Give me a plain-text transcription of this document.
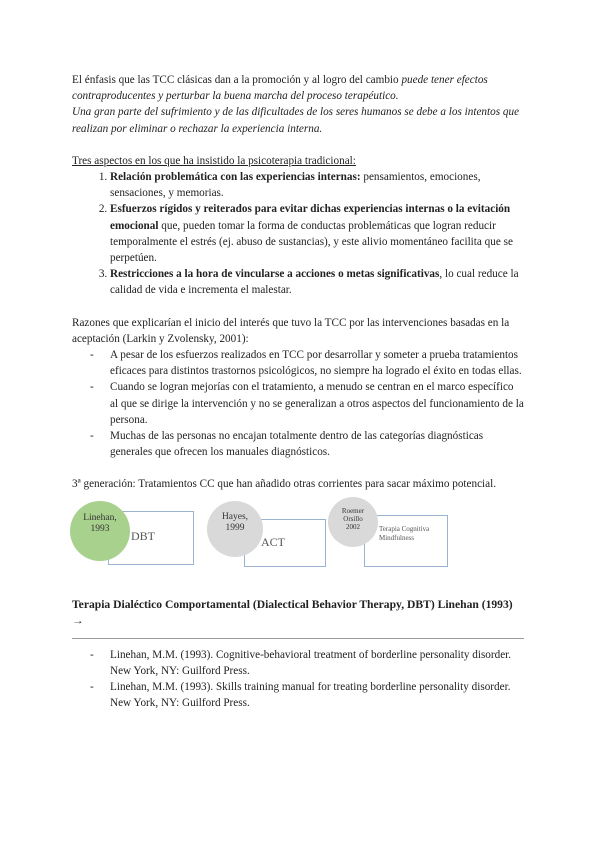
El énfasis que las TCC clásicas dan a la promoción y al logro del cambio puede tener efectos contraproducentes y perturbar la buena marcha del proceso terapéutico.

Una gran parte del sufrimiento y de las dificultades de los seres humanos se debe a los intentos que realizan por eliminar o rechazar la experiencia interna.

Tres aspectos en los que ha insistido la psicoterapia tradicional:

1. Relación problemática con las experiencias internas: pensamientos, emociones, sensaciones, y memorias.
2. Esfuerzos rígidos y reiterados para evitar dichas experiencias internas o la evitación emocional que, pueden tomar la forma de conductas problemáticas que logran reducir temporalmente el estrés (ej. abuso de sustancias), y este alivio momentáneo facilita que se perpetúen.
3. Restricciones a la hora de vincularse a acciones o metas significativas, lo cual reduce la calidad de vida e incrementa el malestar.

Razones que explicarían el inicio del interés que tuvo la TCC por las intervenciones basadas en la aceptación (Larkin y Zvolensky, 2001):

- A pesar de los esfuerzos realizados en TCC por desarrollar y someter a prueba tratamientos eficaces para distintos trastornos psicológicos, no siempre ha logrado el éxito en todas ellas.
- Cuando se logran mejorías con el tratamiento, a menudo se centran en el marco específico al que se dirige la intervención y no se generalizan a otros aspectos del funcionamiento de la persona.
- Muchas de las personas no encajan totalmente dentro de las categorías diagnósticas generales que ofrecen los manuales diagnósticos.

3ª generación: Tratamientos CC que han añadido otras corrientes para sacar máximo potencial.

DBT
Linehan,
1993
ACT
Hayes,
1999	Terapia Cognitiva Mindfulness
Roemer
Orsillo
2002

Terapia Dialéctico Comportamental (Dialectical Behavior Therapy, DBT) Linehan (1993) →

- Linehan, M.M. (1993). Cognitive-behavioral treatment of borderline personality disorder. New York, NY: Guilford Press.
- Linehan, M.M. (1993). Skills training manual for treating borderline personality disorder. New York, NY: Guilford Press.
